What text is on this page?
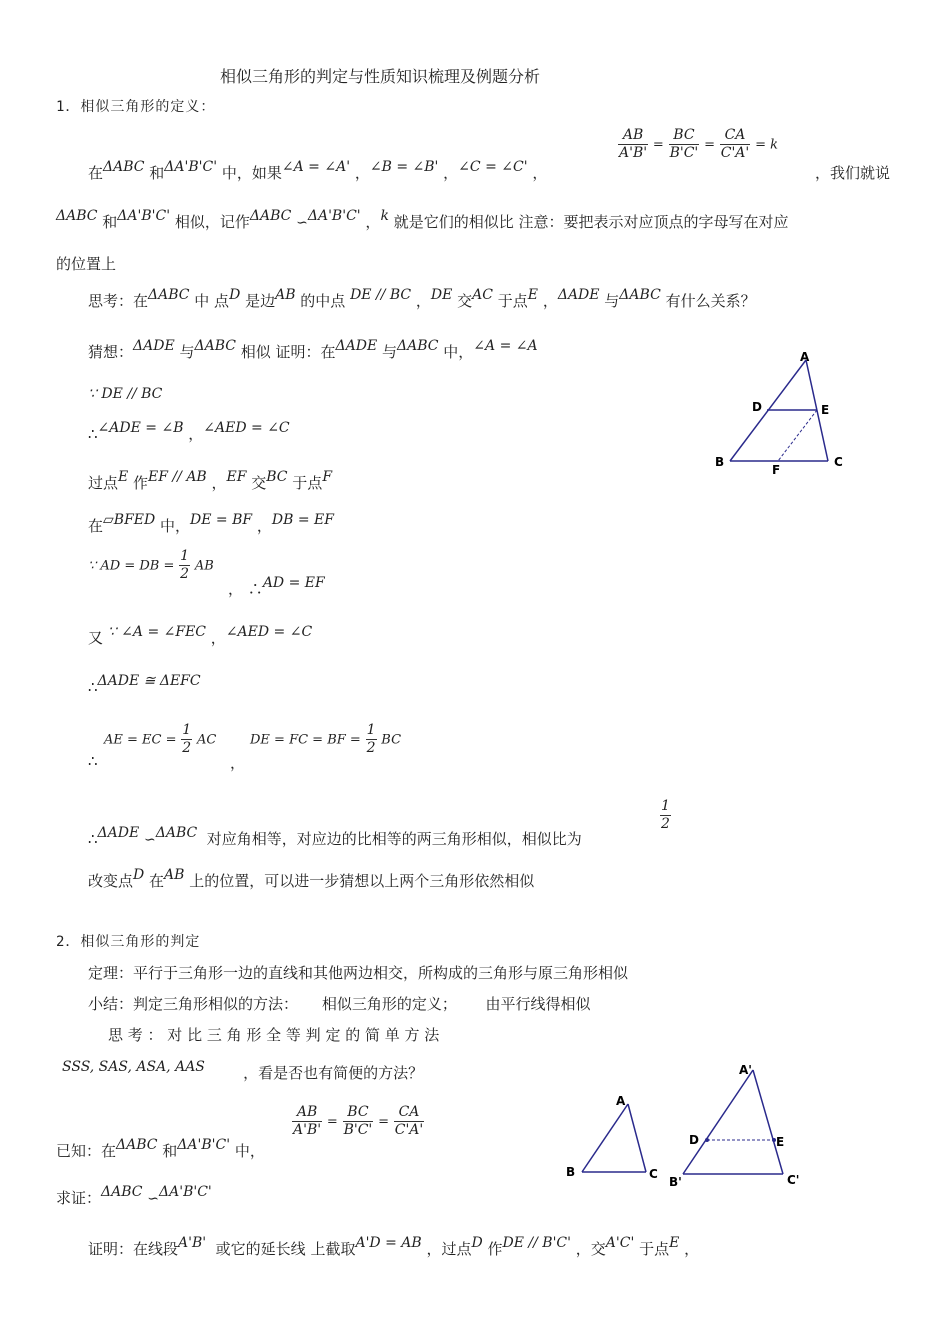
相似三角形的判定与性质知识梳理及例题分析
1．相似三角形的定义：
$\frac{AB}{A'B'} = \frac{BC}{B'C'} = \frac{CA}{C'A'} = k$
在ΔABC 和ΔA'B'C' 中，如果∠A = ∠A' ，∠B = ∠B' ，∠C = ∠C' ，	，我们就说
ΔABC 和ΔA'B'C' 相似，记作ΔABC ∽ΔA'B'C' ，k 就是它们的相似比 注意：要把表示对应顶点的字母写在对应
的位置上
思考：在ΔABC 中 点D 是边AB 的中点 DE // BC ，DE 交AC 于点E ，ΔADE 与ΔABC 有什么关系？
猜想：ΔADE 与ΔABC 相似 证明：在ΔADE 与ΔABC 中，∠A = ∠A
∵ DE // BC
∴∠ADE = ∠B ，∠AED = ∠C
过点E 作EF // AB ，EF 交BC 于点F
在▱BFED 中，DE = BF ，DB = EF
∵ AD = DB = $\frac{1}{2}$ AB
， ∴AD = EF
又 ∵ ∠A = ∠FEC ，∠AED = ∠C
∴ΔADE ≅ ΔEFC
AE = EC = $\frac{1}{2}$ AC	DE = FC = BF = $\frac{1}{2}$ BC
∴	，
∴ΔADE ∽ΔABC 对应角相等，对应边的比相等的两三角形相似，相似比为
$\frac{1}{2}$
改变点D 在AB 上的位置，可以进一步猜想以上两个三角形依然相似
A
D	E
B
F
C
2．相似三角形的判定
定理：平行于三角形一边的直线和其他两边相交，所构成的三角形与原三角形相似
小结：判定三角形相似的方法： 相似三角形的定义； 由平行线得相似
思 考 ： 对 比 三 角 形 全 等 判 定 的 简 单 方 法
SSS, SAS, ASA, AAS	，看是否也有简便的方法？
$\frac{AB}{A'B'} = \frac{BC}{B'C'} = \frac{CA}{C'A'}$
已知：在ΔABC 和ΔA'B'C' 中，
求证：ΔABC ∽ΔA'B'C'
证明：在线段A'B' 或它的延长线 上截取A'D = AB ，过点D 作DE // B'C' ，交A'C' 于点E ，
A
B	C
A'
D	E
B'	C'
